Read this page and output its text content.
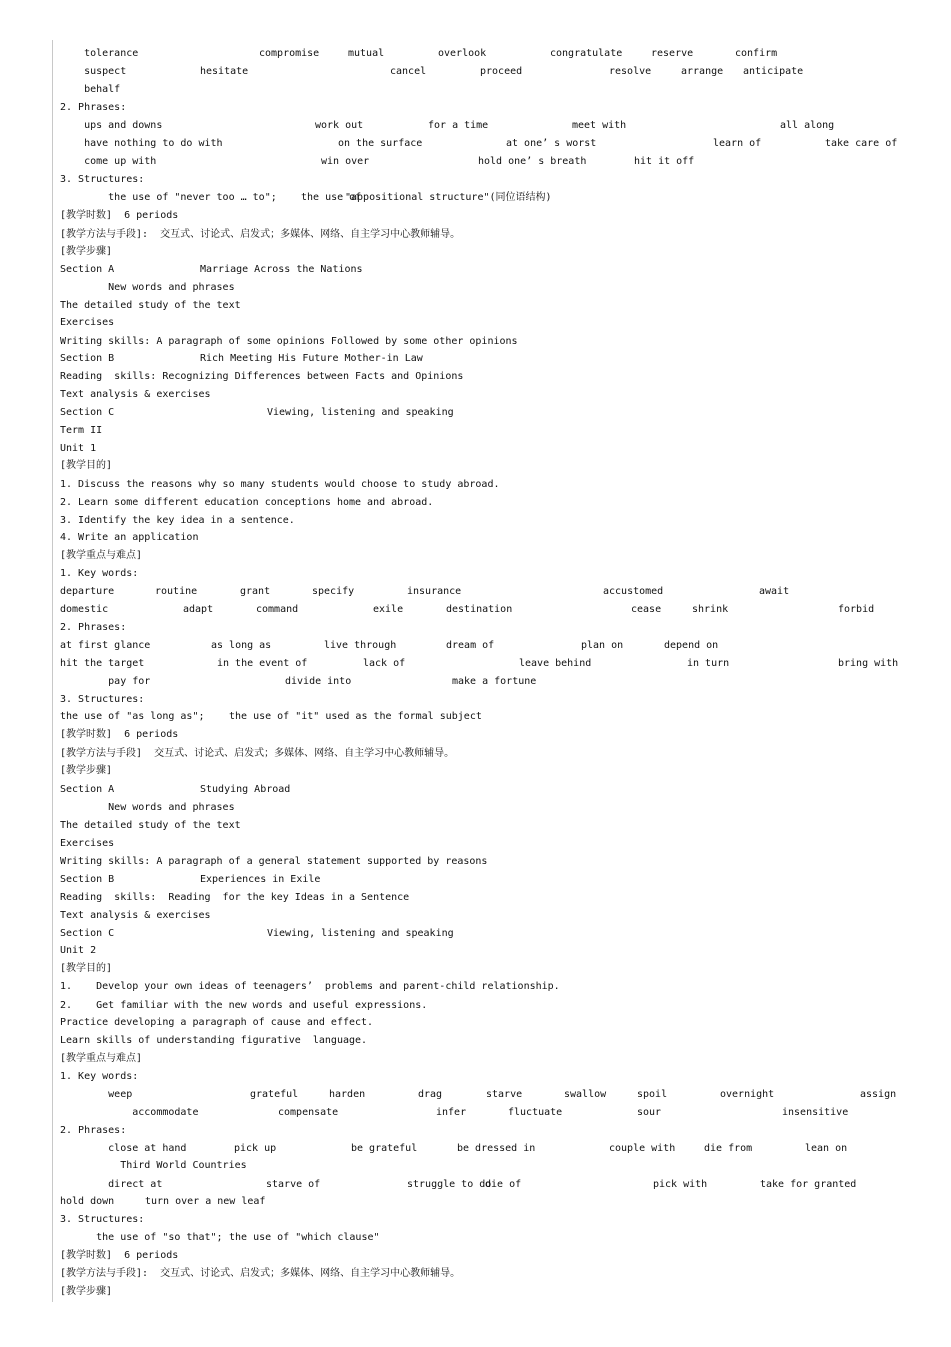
tolerance	compromise	mutual	overlook	congratulate	reserve	confirm
suspect	hesitate	cancel	proceed	resolve	arrange anticipate
behalf
2. Phrases:
ups and downs	work out	for a time	meet with	all along
have nothing to do with	on the surface	at one’ s worst	learn of	take care of
come up with	win over	hold one’ s breath	hit it off
3. Structures:
the use of "never too … to"; the use of
"appositional structure"(同位语结构)
[教学时数]  6 periods
[教学方法与手段]:  交互式、讨论式、启发式；多媒体、网络、自主学习中心教师辅导。
[教学步骤]
Section A	Marriage Across the Nations
New words and phrases
The detailed study of the text
Exercises
Writing skills: A paragraph of some opinions Followed by some other opinions
Section B	Rich Meeting His Future Mother-in Law
Reading  skills: Recognizing Differences between Facts and Opinions
Text analysis & exercises
Section C	Viewing, listening and speaking
Term II
Unit 1
[教学目的]
1. Discuss the reasons why so many students would choose to study abroad.
2. Learn some different education conceptions home and abroad.
3. Identify the key idea in a sentence.
4. Write an application
[教学重点与难点]
1. Key words:
departure	routine	grant	specify	insurance	accustomed	await
domestic	adapt	command	exile	destination	cease	shrink	forbid
2. Phrases:
at first glance	as long as	live through	dream of	plan on	depend on
hit the target	in the event of	lack of	leave behind	in turn	bring with
pay for	divide into	make a fortune
3. Structures:
the use of "as long as"; the use of "it" used as the formal subject
[教学时数]  6 periods
[教学方法与手段]  交互式、讨论式、启发式；多媒体、网络、自主学习中心教师辅导。
[教学步骤]
Section A	Studying Abroad
New words and phrases
The detailed study of the text
Exercises
Writing skills: A paragraph of a general statement supported by reasons
Section B	Experiences in Exile
Reading  skills:  Reading  for the key Ideas in a Sentence
Text analysis & exercises
Section C	Viewing, listening and speaking
Unit 2
[教学目的]
1.    Develop your own ideas of teenagers’  problems and parent-child relationship.
2.    Get familiar with the new words and useful expressions.
Practice developing a paragraph of cause and effect.
Learn skills of understanding figurative  language.
[教学重点与难点]
1. Key words:
weep	grateful	harden	drag	starve	swallow	spoil	overnight	assign
accommodate	compensate	infer	fluctuate	sour	insensitive
2. Phrases:
close at hand	pick up	be grateful	be dressed in	couple with	die from	lean on
Third World Countries
direct at	starve of	struggle to do
die of	pick with	take for granted
hold down	turn over a new leaf
3. Structures:
the use of "so that"; the use of "which clause"
[教学时数]  6 periods
[教学方法与手段]:  交互式、讨论式、启发式；多媒体、网络、自主学习中心教师辅导。
[教学步骤]
